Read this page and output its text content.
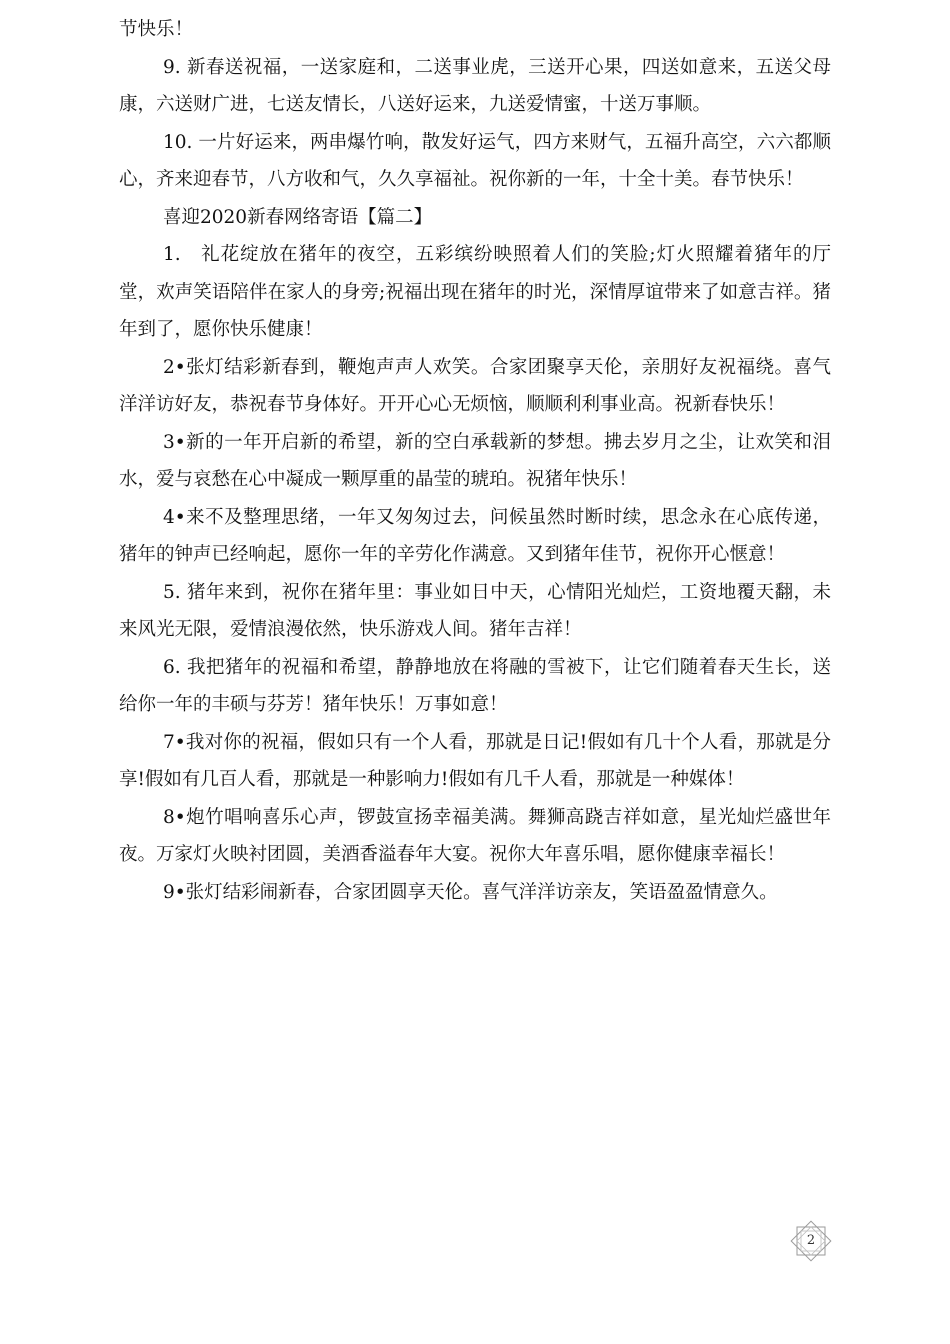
节快乐！

9. 新春送祝福，一送家庭和，二送事业虎，三送开心果，四送如意来，五送父母康，六送财广进，七送友情长，八送好运来，九送爱情蜜，十送万事顺。

10. 一片好运来，两串爆竹响，散发好运气，四方来财气，五福升高空，六六都顺心，齐来迎春节，八方收和气，久久享福祉。祝你新的一年，十全十美。春节快乐！

喜迎2020新春网络寄语【篇二】

1.　礼花绽放在猪年的夜空，五彩缤纷映照着人们的笑脸;灯火照耀着猪年的厅堂，欢声笑语陪伴在家人的身旁;祝福出现在猪年的时光，深情厚谊带来了如意吉祥。猪年到了，愿你快乐健康！

2•张灯结彩新春到，鞭炮声声人欢笑。合家团聚享天伦，亲朋好友祝福绕。喜气洋洋访好友，恭祝春节身体好。开开心心无烦恼，顺顺利利事业高。祝新春快乐！

3•新的一年开启新的希望，新的空白承载新的梦想。拂去岁月之尘，让欢笑和泪水，爱与哀愁在心中凝成一颗厚重的晶莹的琥珀。祝猪年快乐！

4•来不及整理思绪，一年又匆匆过去，问候虽然时断时续，思念永在心底传递，猪年的钟声已经响起，愿你一年的辛劳化作满意。又到猪年佳节，祝你开心惬意！

5. 猪年来到，祝你在猪年里：事业如日中天，心情阳光灿烂，工资地覆天翻，未来风光无限，爱情浪漫依然，快乐游戏人间。猪年吉祥！

6. 我把猪年的祝福和希望，静静地放在将融的雪被下，让它们随着春天生长，送给你一年的丰硕与芬芳！猪年快乐！万事如意！

7•我对你的祝福，假如只有一个人看，那就是日记!假如有几十个人看，那就是分享!假如有几百人看，那就是一种影响力!假如有几千人看，那就是一种媒体！

8•炮竹唱响喜乐心声，锣鼓宣扬幸福美满。舞狮高跷吉祥如意，星光灿烂盛世年夜。万家灯火映衬团圆，美酒香溢春年大宴。祝你大年喜乐唱，愿你健康幸福长！

9•张灯结彩闹新春，合家团圆享天伦。喜气洋洋访亲友，笑语盈盈情意久。

2
